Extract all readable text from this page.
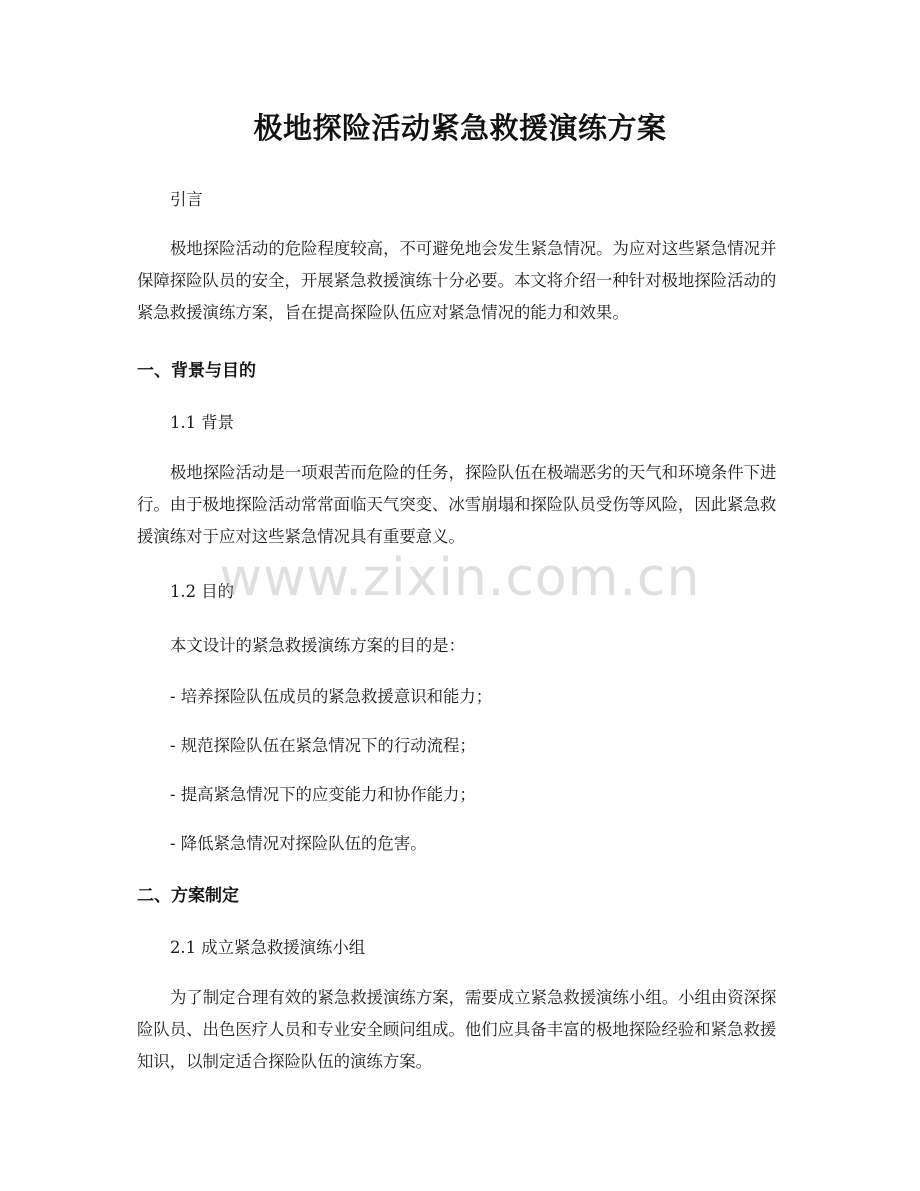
极地探险活动紧急救援演练方案
引言
极地探险活动的危险程度较高，不可避免地会发生紧急情况。为应对这些紧急情况并保障探险队员的安全，开展紧急救援演练十分必要。本文将介绍一种针对极地探险活动的紧急救援演练方案，旨在提高探险队伍应对紧急情况的能力和效果。
一、背景与目的
1.1 背景
极地探险活动是一项艰苦而危险的任务，探险队伍在极端恶劣的天气和环境条件下进行。由于极地探险活动常常面临天气突变、冰雪崩塌和探险队员受伤等风险，因此紧急救援演练对于应对这些紧急情况具有重要意义。
1.2 目的
本文设计的紧急救援演练方案的目的是：
- 培养探险队伍成员的紧急救援意识和能力；
- 规范探险队伍在紧急情况下的行动流程；
- 提高紧急情况下的应变能力和协作能力；
- 降低紧急情况对探险队伍的危害。
二、方案制定
2.1 成立紧急救援演练小组
为了制定合理有效的紧急救援演练方案，需要成立紧急救援演练小组。小组由资深探险队员、出色医疗人员和专业安全顾问组成。他们应具备丰富的极地探险经验和紧急救援知识，以制定适合探险队伍的演练方案。
www.zixin.com.cn
